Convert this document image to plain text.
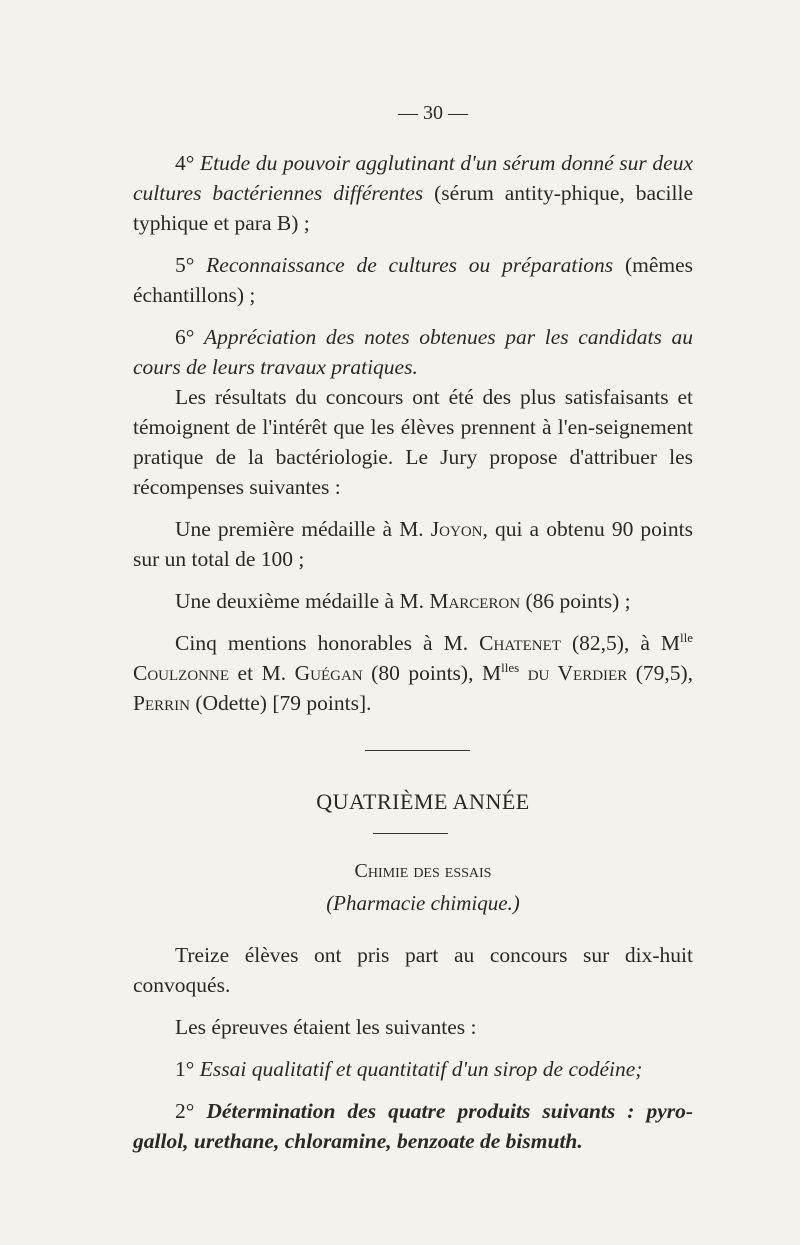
— 30 —

4° Etude du pouvoir agglutinant d'un sérum donné sur deux cultures bactériennes différentes (sérum antity-phique, bacille typhique et para B) ;

5° Reconnaissance de cultures ou préparations (mêmes échantillons) ;

6° Appréciation des notes obtenues par les candidats au cours de leurs travaux pratiques.

Les résultats du concours ont été des plus satisfaisants et témoignent de l'intérêt que les élèves prennent à l'en-seignement pratique de la bactériologie. Le Jury propose d'attribuer les récompenses suivantes :

Une première médaille à M. Joyon, qui a obtenu 90 points sur un total de 100 ;

Une deuxième médaille à M. Marceron (86 points) ;

Cinq mentions honorables à M. Chatenet (82,5), à $M^{lle}$ Coulzonne et M. Guégan (80 points), $M^{lles}$ du Verdier (79,5), Perrin (Odette) [79 points].

QUATRIÈME ANNÉE
Chimie des essais
(Pharmacie chimique.)

Treize élèves ont pris part au concours sur dix-huit convoqués.

Les épreuves étaient les suivantes :

1° Essai qualitatif et quantitatif d'un sirop de codéine;

2° Détermination des quatre produits suivants : pyro-gallol, urethane, chloramine, benzoate de bismuth.
